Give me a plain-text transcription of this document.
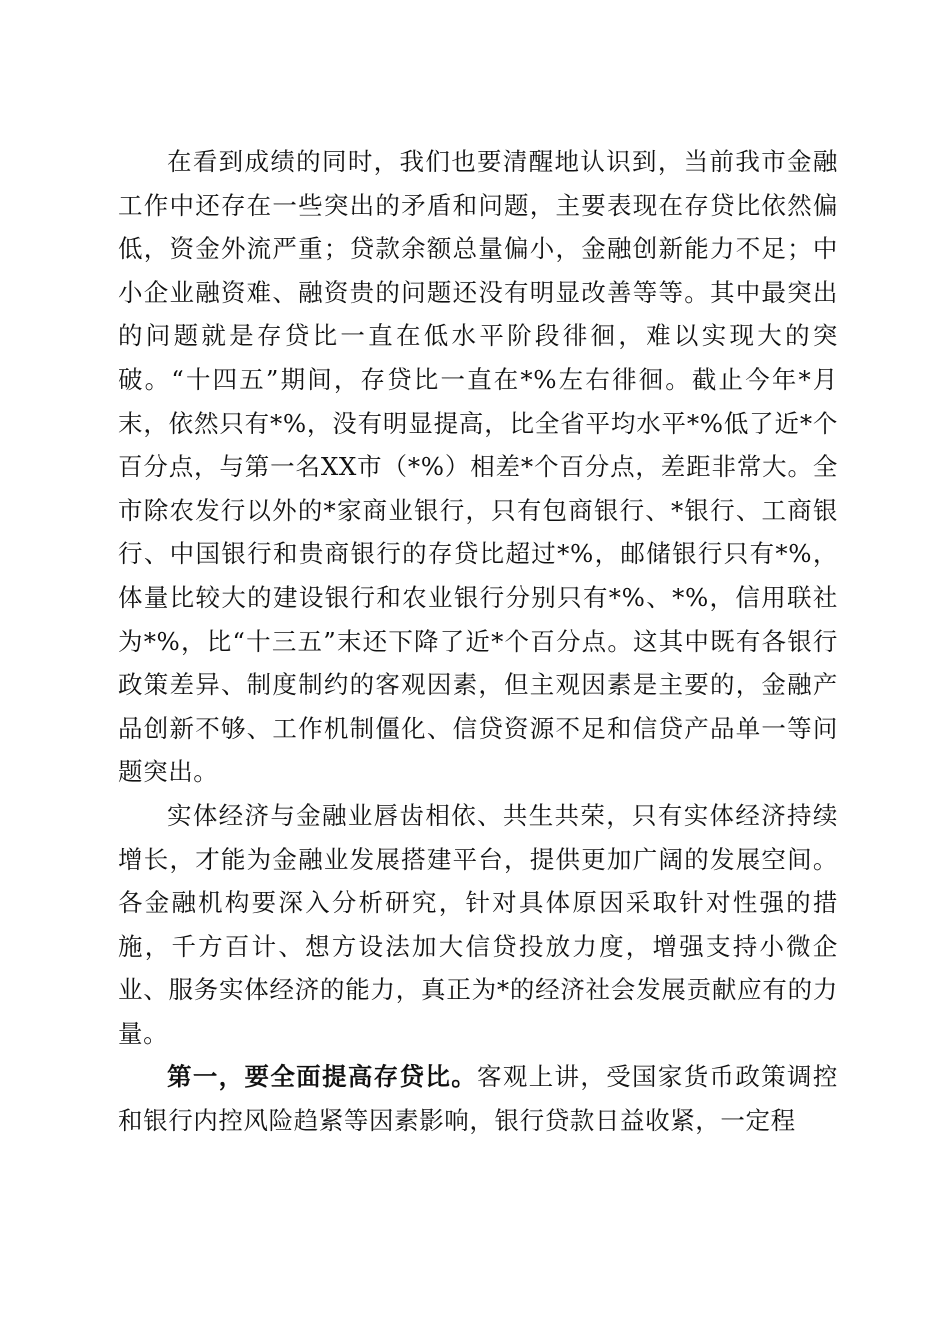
在看到成绩的同时，我们也要清醒地认识到，当前我市金融工作中还存在一些突出的矛盾和问题，主要表现在存贷比依然偏低，资金外流严重；贷款余额总量偏小，金融创新能力不足；中小企业融资难、融资贵的问题还没有明显改善等等。其中最突出的问题就是存贷比一直在低水平阶段徘徊，难以实现大的突破。“十四五”期间，存贷比一直在*%左右徘徊。截止今年*月末，依然只有*%，没有明显提高，比全省平均水平*%低了近*个百分点，与第一名XX市（*%）相差*个百分点，差距非常大。全市除农发行以外的*家商业银行，只有包商银行、*银行、工商银行、中国银行和贵商银行的存贷比超过*%，邮储银行只有*%，体量比较大的建设银行和农业银行分别只有*%、*%，信用联社为*%，比“十三五”末还下降了近*个百分点。这其中既有各银行政策差异、制度制约的客观因素，但主观因素是主要的，金融产品创新不够、工作机制僵化、信贷资源不足和信贷产品单一等问题突出。

实体经济与金融业唇齿相依、共生共荣，只有实体经济持续增长，才能为金融业发展搭建平台，提供更加广阔的发展空间。各金融机构要深入分析研究，针对具体原因采取针对性强的措施，千方百计、想方设法加大信贷投放力度，增强支持小微企业、服务实体经济的能力，真正为*的经济社会发展贡献应有的力量。

第一，要全面提高存贷比。客观上讲，受国家货币政策调控和银行内控风险趋紧等因素影响，银行贷款日益收紧，一定程
